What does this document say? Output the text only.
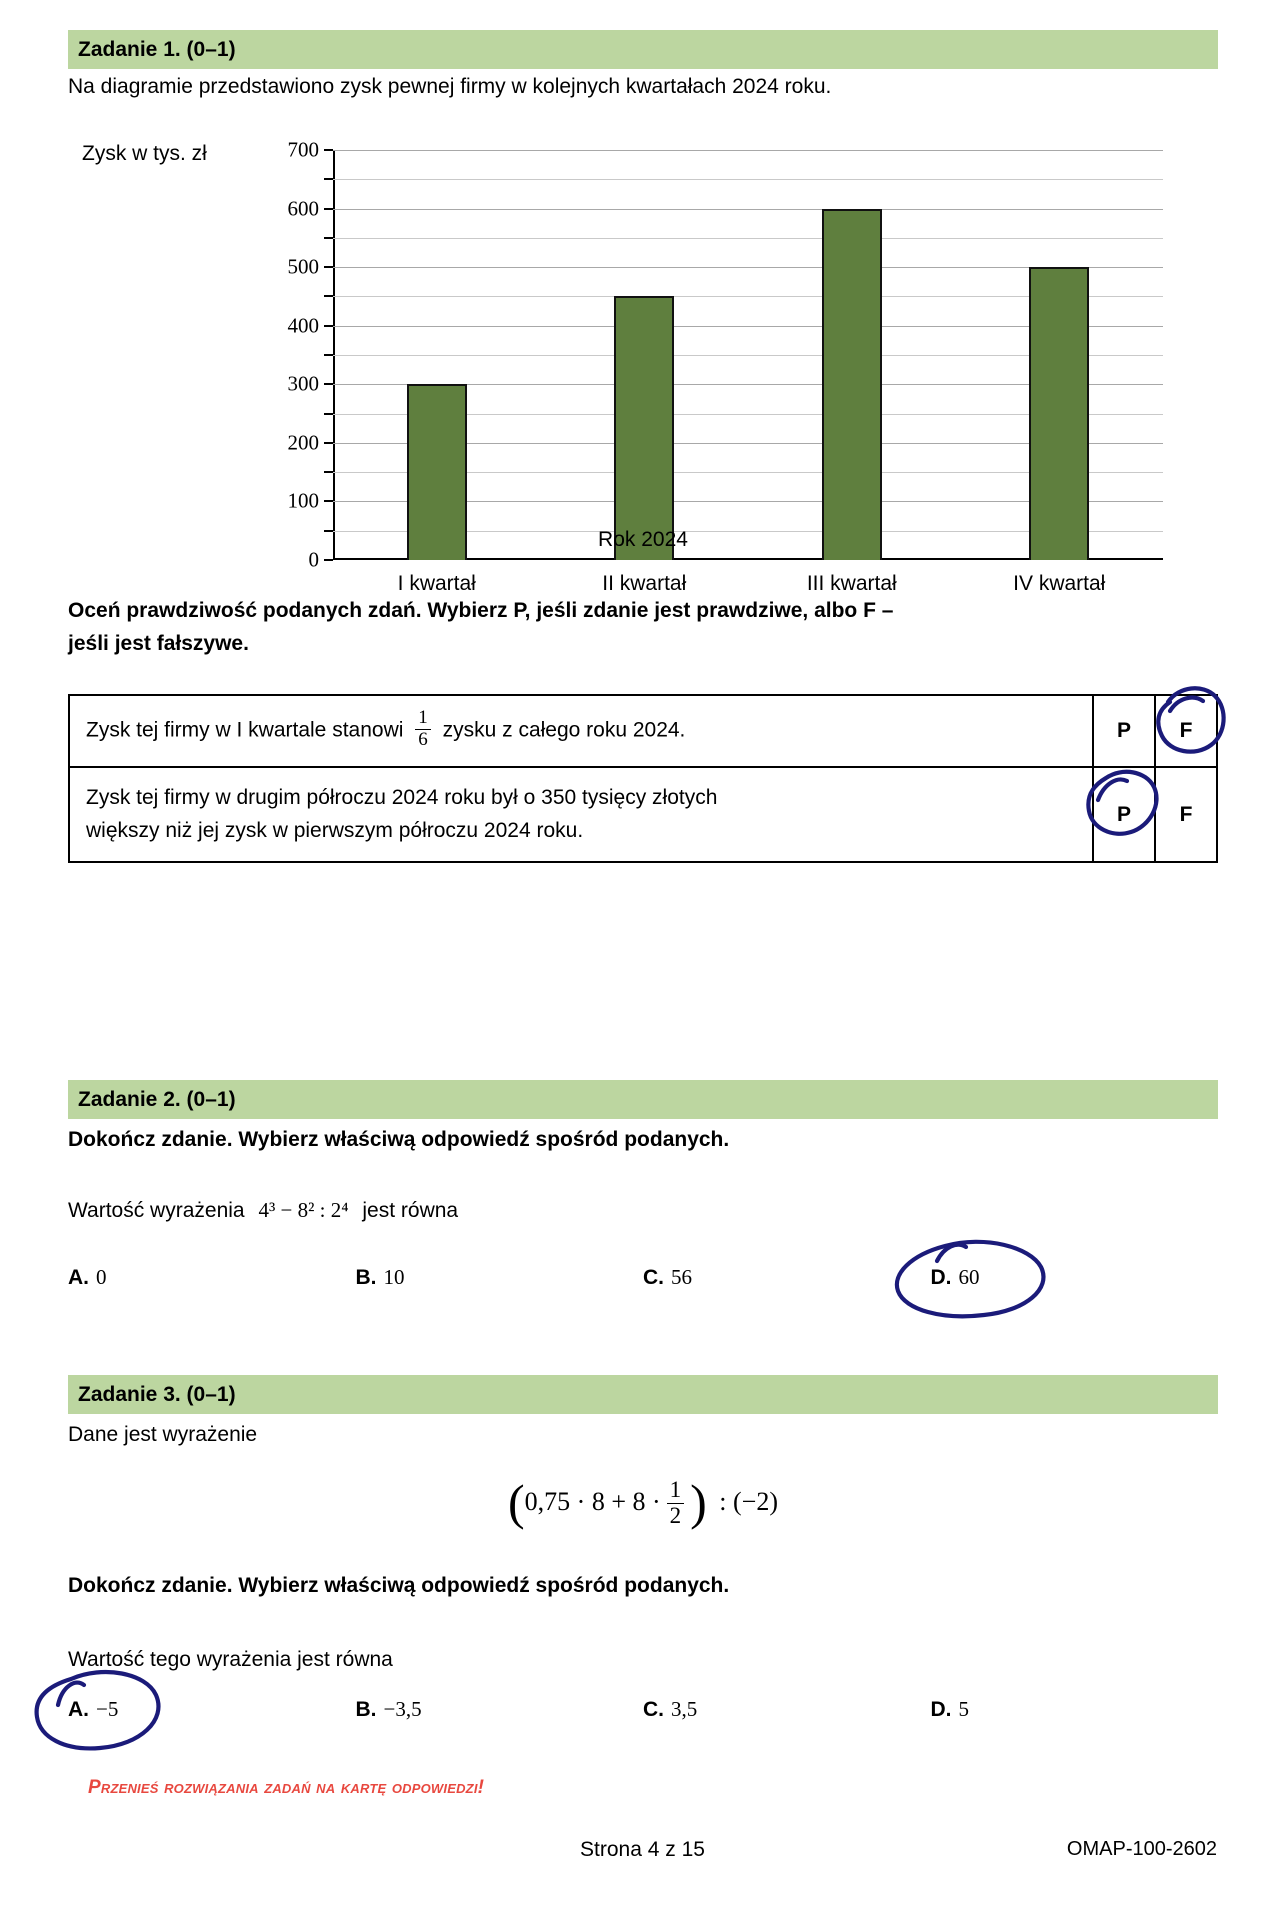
Zadanie 1. (0–1)
Na diagramie przedstawiono zysk pewnej firmy w kolejnych kwartałach 2024 roku.
Zysk w tys. zł
0
100
200
300
400
500
600
700
I kwartał	II kwartał	III kwartał	IV kwartał
Rok 2024
Oceń prawdziwość podanych zdań. Wybierz P, jeśli zdanie jest prawdziwe, albo F –
jeśli jest fałszywe.
Zysk tej firmy w I kwartale stanowi $\frac{1}{6}$ zysku z całego roku 2024.	P	F

Zysk tej firmy w drugim półroczu 2024 roku był o 350 tysięcy złotych
większy niż jej zysk w pierwszym półroczu 2024 roku.	P	F
Zadanie 2. (0–1)
Dokończ zdanie. Wybierz właściwą odpowiedź spośród podanych.
Wartość wyrażenia 4³ − 8² : 2⁴ jest równa
A. 0	B. 10	C. 56	D. 60
Zadanie 3. (0–1)
Dane jest wyrażenie
($0,75 \cdot 8 + 8 \cdot \frac{1}{2}$ ) : (−2)
Dokończ zdanie. Wybierz właściwą odpowiedź spośród podanych.
Wartość tego wyrażenia jest równa
A. −5	B. −3,5	C. 3,5	D. 5
Przenieś rozwiązania zadań na kartę odpowiedzi!
Strona 4 z 15	OMAP-100-2602
